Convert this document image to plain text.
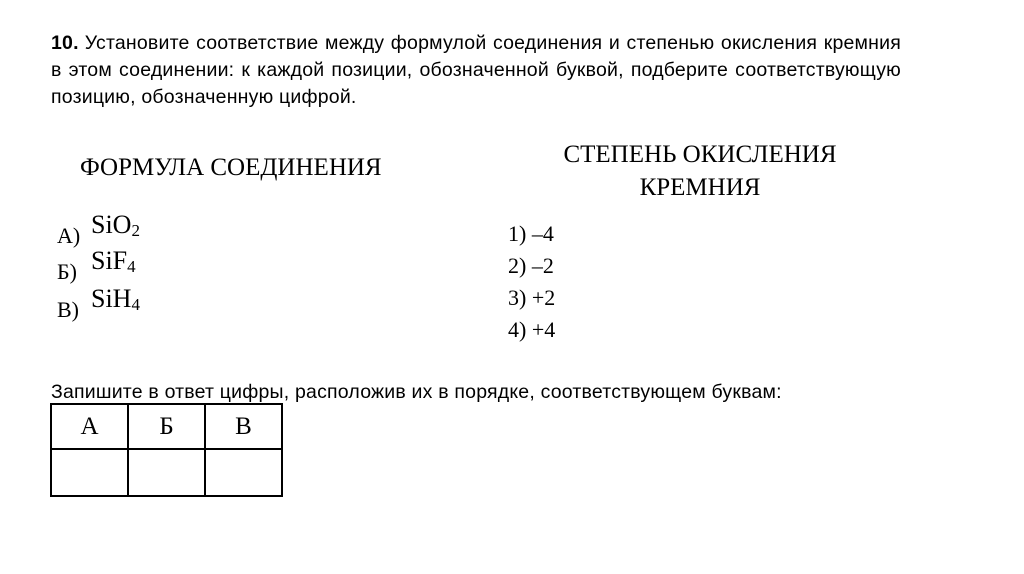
10. Установите соответствие между формулой соединения и степенью окисления кремния в этом соединении: к каждой позиции, обозначенной буквой, подберите соответствующую позицию, обозначенную цифрой.
ФОРМУЛА СОЕДИНЕНИЯ	СТЕПЕНЬ ОКИСЛЕНИЯ
КРЕМНИЯ
А) SiO$_2$
Б) SiF$_4$
В) SiH$_4$
1) –4
2) –2
3) +2
4) +4
Запишите в ответ цифры, расположив их в порядке, соответствующем буквам:
А	Б	В
